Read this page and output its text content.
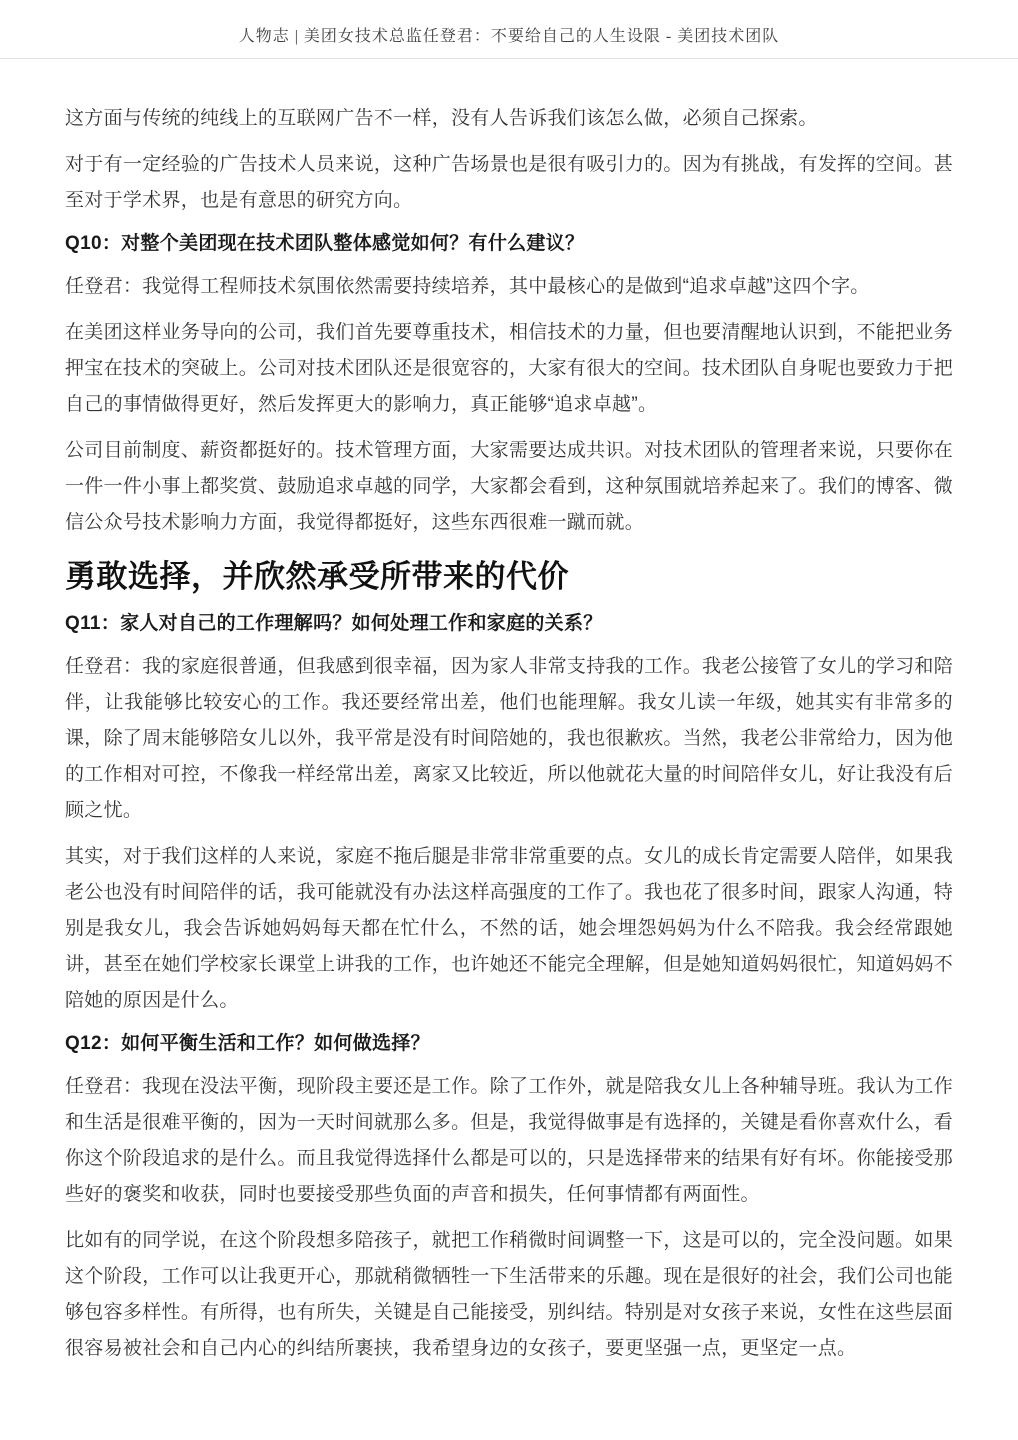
人物志 | 美团女技术总监任登君：不要给自己的人生设限 - 美团技术团队

这方面与传统的纯线上的互联网广告不一样，没有人告诉我们该怎么做，必须自己探索。

对于有一定经验的广告技术人员来说，这种广告场景也是很有吸引力的。因为有挑战，有发挥的空间。甚至对于学术界，也是有意思的研究方向。

Q10：对整个美团现在技术团队整体感觉如何？有什么建议？

任登君：我觉得工程师技术氛围依然需要持续培养，其中最核心的是做到“追求卓越”这四个字。

在美团这样业务导向的公司，我们首先要尊重技术，相信技术的力量，但也要清醒地认识到，不能把业务押宝在技术的突破上。公司对技术团队还是很宽容的，大家有很大的空间。技术团队自身呢也要致力于把自己的事情做得更好，然后发挥更大的影响力，真正能够“追求卓越”。

公司目前制度、薪资都挺好的。技术管理方面，大家需要达成共识。对技术团队的管理者来说，只要你在一件一件小事上都奖赏、鼓励追求卓越的同学，大家都会看到，这种氛围就培养起来了。我们的博客、微信公众号技术影响力方面，我觉得都挺好，这些东西很难一蹴而就。

勇敢选择，并欣然承受所带来的代价
Q11：家人对自己的工作理解吗？如何处理工作和家庭的关系？

任登君：我的家庭很普通，但我感到很幸福，因为家人非常支持我的工作。我老公接管了女儿的学习和陪伴，让我能够比较安心的工作。我还要经常出差，他们也能理解。我女儿读一年级，她其实有非常多的课，除了周末能够陪女儿以外，我平常是没有时间陪她的，我也很歉疚。当然，我老公非常给力，因为他的工作相对可控，不像我一样经常出差，离家又比较近，所以他就花大量的时间陪伴女儿，好让我没有后顾之忧。

其实，对于我们这样的人来说，家庭不拖后腿是非常非常重要的点。女儿的成长肯定需要人陪伴，如果我老公也没有时间陪伴的话，我可能就没有办法这样高强度的工作了。我也花了很多时间，跟家人沟通，特别是我女儿，我会告诉她妈妈每天都在忙什么，不然的话，她会埋怨妈妈为什么不陪我。我会经常跟她讲，甚至在她们学校家长课堂上讲我的工作，也许她还不能完全理解，但是她知道妈妈很忙，知道妈妈不陪她的原因是什么。

Q12：如何平衡生活和工作？如何做选择？

任登君：我现在没法平衡，现阶段主要还是工作。除了工作外，就是陪我女儿上各种辅导班。我认为工作和生活是很难平衡的，因为一天时间就那么多。但是，我觉得做事是有选择的，关键是看你喜欢什么，看你这个阶段追求的是什么。而且我觉得选择什么都是可以的，只是选择带来的结果有好有坏。你能接受那些好的褒奖和收获，同时也要接受那些负面的声音和损失，任何事情都有两面性。

比如有的同学说，在这个阶段想多陪孩子，就把工作稍微时间调整一下，这是可以的，完全没问题。如果这个阶段，工作可以让我更开心，那就稍微牺牲一下生活带来的乐趣。现在是很好的社会，我们公司也能够包容多样性。有所得，也有所失，关键是自己能接受，别纠结。特别是对女孩子来说，女性在这些层面很容易被社会和自己内心的纠结所裹挟，我希望身边的女孩子，要更坚强一点，更坚定一点。
